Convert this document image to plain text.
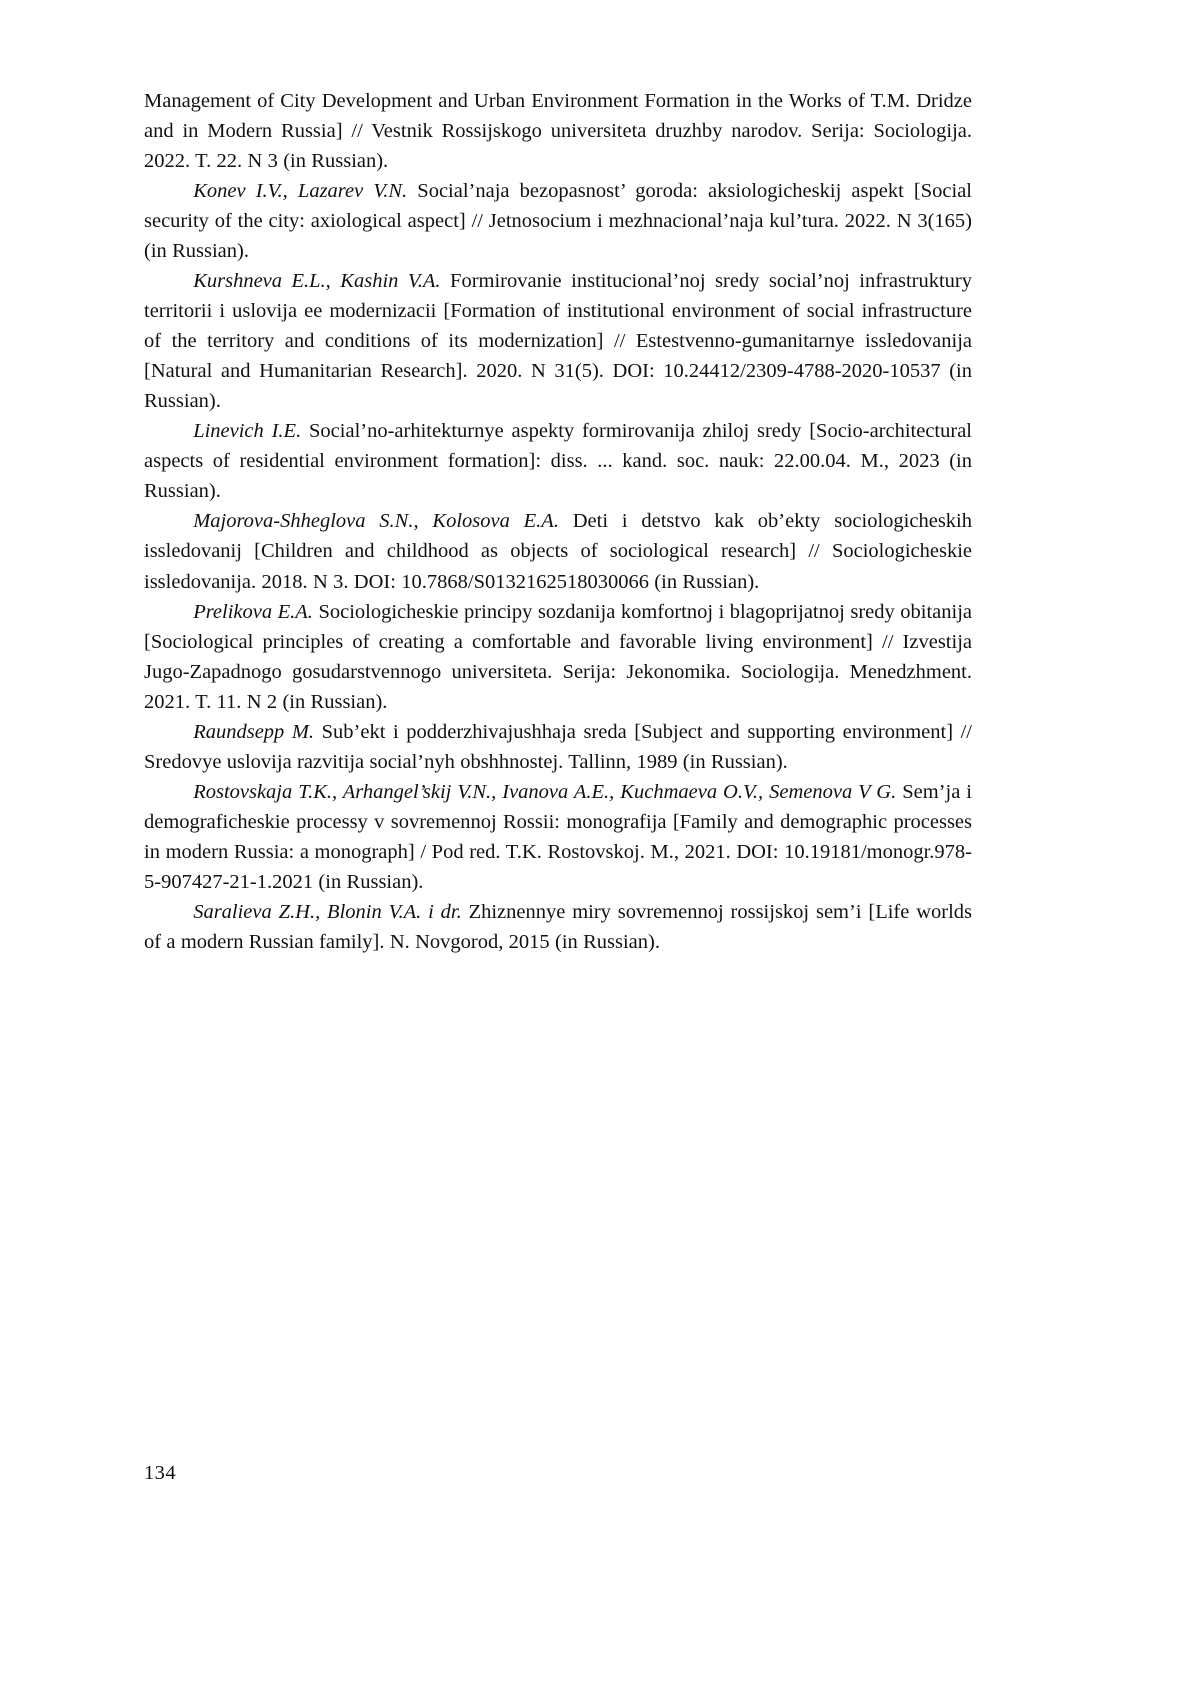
Management of City Development and Urban Environment Formation in the Works of T.M. Dridze and in Modern Russia] // Vestnik Rossijskogo universiteta druzhby narodov. Serija: Sociologija. 2022. T. 22. N 3 (in Russian).

Konev I.V., Lazarev V.N. Social’naja bezopasnost’ goroda: aksiologicheskij aspekt [Social security of the city: axiological aspect] // Jetnosocium i mezhnacional’naja kul’tura. 2022. N 3(165) (in Russian).

Kurshneva E.L., Kashin V.A. Formirovanie institucional’noj sredy social’noj infrastruktury territorii i uslovija ee modernizacii [Formation of institutional environment of social infrastructure of the territory and conditions of its modernization] // Estestvenno-gumanitarnye issledovanija [Natural and Humanitarian Research]. 2020. N 31(5). DOI: 10.24412/2309-4788-2020-10537 (in Russian).

Linevich I.E. Social’no-arhitekturnye aspekty formirovanija zhiloj sredy [Socio-architectural aspects of residential environment formation]: diss. ... kand. soc. nauk: 22.00.04. M., 2023 (in Russian).

Majorova-Shheglova S.N., Kolosova E.A. Deti i detstvo kak ob’ekty sociologicheskih issledovanij [Children and childhood as objects of sociological research] // Sociologicheskie issledovanija. 2018. N 3. DOI: 10.7868/S0132162518030066 (in Russian).

Prelikova E.A. Sociologicheskie principy sozdanija komfortnoj i blagoprijatnoj sredy obitanija [Sociological principles of creating a comfortable and favorable living environment] // Izvestija Jugo-Zapadnogo gosudarstvennogo universiteta. Serija: Jekonomika. Sociologija. Menedzhment. 2021. T. 11. N 2 (in Russian).

Raundsepp M. Sub’ekt i podderzhivajushhaja sreda [Subject and supporting environment] // Sredovye uslovija razvitija social’nyh obshhnostej. Tallinn, 1989 (in Russian).

Rostovskaja T.K., Arhangel’skij V.N., Ivanova A.E., Kuchmaeva O.V., Semenova V G. Sem’ja i demograficheskie processy v sovremennoj Rossii: monografija [Family and demographic processes in modern Russia: a monograph] / Pod red. T.K. Rostovskoj. M., 2021. DOI: 10.19181/monogr.978-5-907427-21-1.2021 (in Russian).

Saralieva Z.H., Blonin V.A. i dr. Zhiznennye miry sovremennoj rossijskoj sem’i [Life worlds of a modern Russian family]. N. Novgorod, 2015 (in Russian).

134
